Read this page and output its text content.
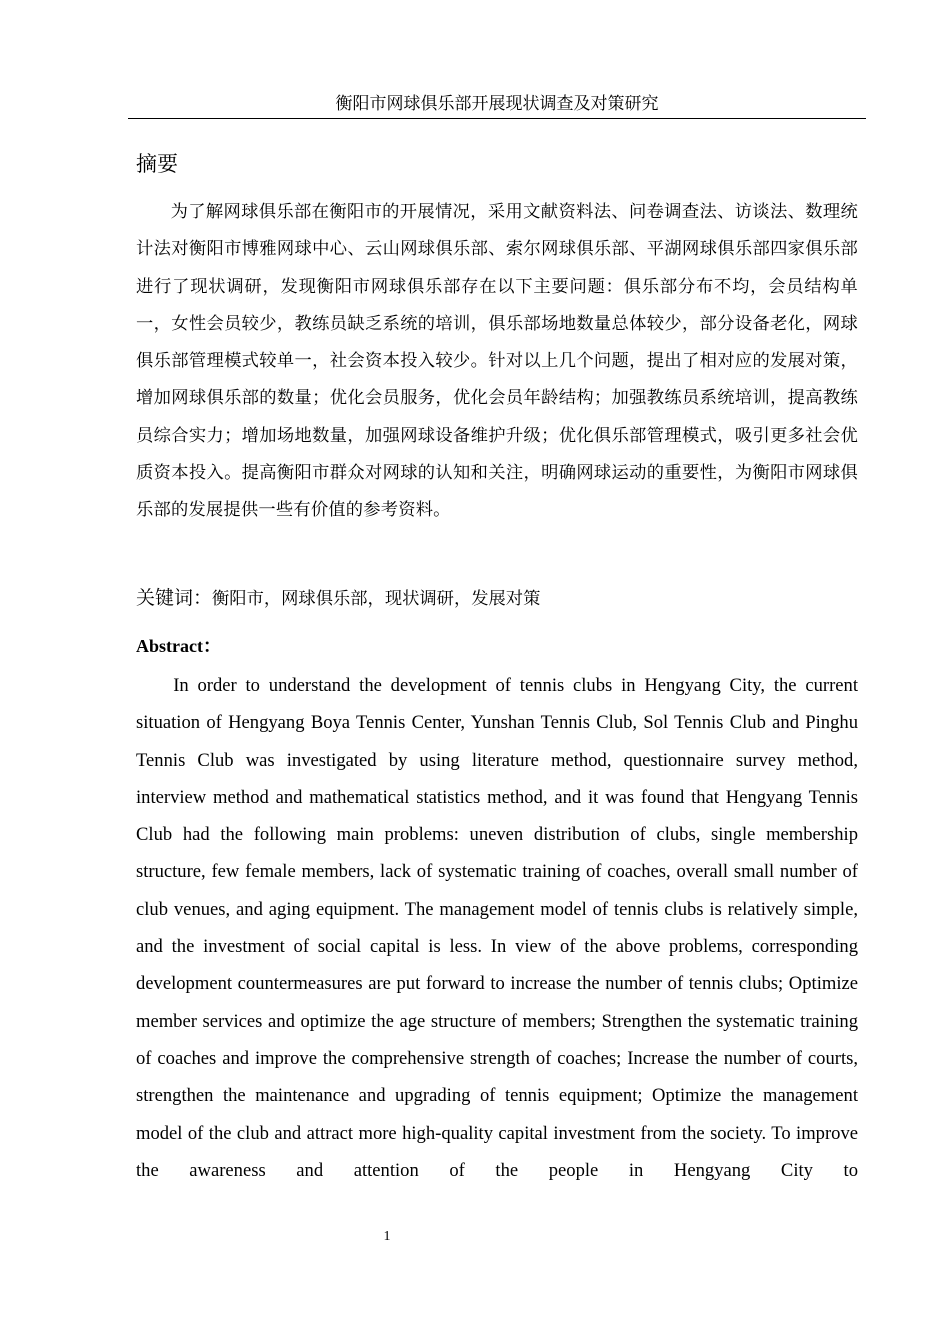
衡阳市网球俱乐部开展现状调查及对策研究
摘要

为了解网球俱乐部在衡阳市的开展情况，采用文献资料法、问卷调查法、访谈法、数理统计法对衡阳市博雅网球中心、云山网球俱乐部、索尔网球俱乐部、平湖网球俱乐部四家俱乐部进行了现状调研，发现衡阳市网球俱乐部存在以下主要问题：俱乐部分布不均，会员结构单一，女性会员较少，教练员缺乏系统的培训，俱乐部场地数量总体较少，部分设备老化，网球俱乐部管理模式较单一，社会资本投入较少。针对以上几个问题，提出了相对应的发展对策，增加网球俱乐部的数量；优化会员服务，优化会员年龄结构；加强教练员系统培训，提高教练员综合实力；增加场地数量，加强网球设备维护升级；优化俱乐部管理模式，吸引更多社会优质资本投入。提高衡阳市群众对网球的认知和关注，明确网球运动的重要性，为衡阳市网球俱乐部的发展提供一些有价值的参考资料。

关键词：衡阳市，网球俱乐部，现状调研，发展对策
Abstract：

In order to understand the development of tennis clubs in Hengyang City, the current situation of Hengyang Boya Tennis Center, Yunshan Tennis Club, Sol Tennis Club and Pinghu Tennis Club was investigated by using literature method, questionnaire survey method, interview method and mathematical statistics method, and it was found that Hengyang Tennis Club had the following main problems: uneven distribution of clubs, single membership structure, few female members, lack of systematic training of coaches, overall small number of club venues, and aging equipment. The management model of tennis clubs is relatively simple, and the investment of social capital is less. In view of the above problems, corresponding development countermeasures are put forward to increase the number of tennis clubs; Optimize member services and optimize the age structure of members; Strengthen the systematic training of coaches and improve the comprehensive strength of coaches; Increase the number of courts, strengthen the maintenance and upgrading of tennis equipment; Optimize the management model of the club and attract more high-quality capital investment from the society. To improve the awareness and attention of the people in Hengyang City to

1
